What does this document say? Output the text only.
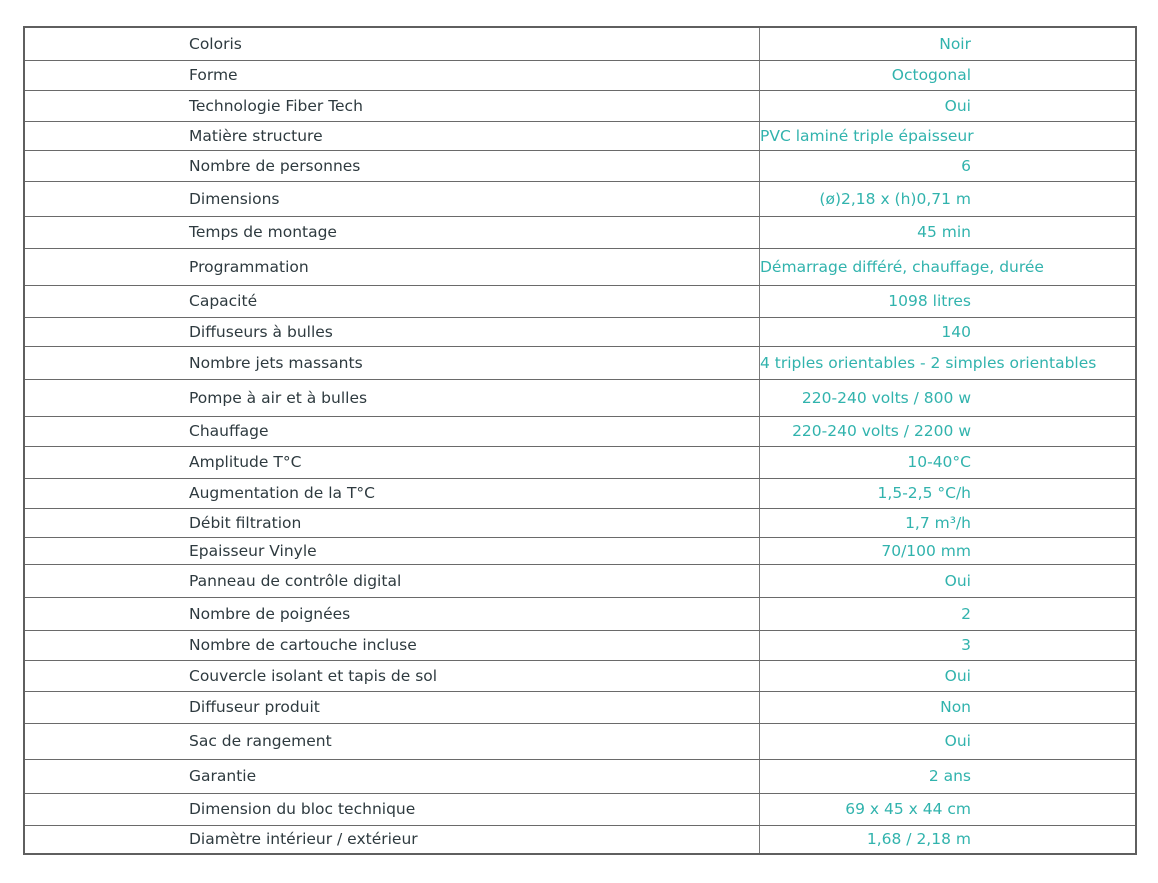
Coloris	Noir
Forme	Octogonal
Technologie Fiber Tech	Oui
Matière structure	PVC laminé triple épaisseur
Nombre de personnes	6
Dimensions	(ø)2,18 x (h)0,71 m
Temps de montage	45 min
Programmation	Démarrage différé, chauffage, durée
Capacité	1098 litres
Diffuseurs à bulles	140
Nombre jets massants	4 triples orientables - 2 simples orientables
Pompe à air et à bulles	220-240 volts / 800 w
Chauffage	220-240 volts / 2200 w
Amplitude T°C	10-40°C
Augmentation de la T°C	1,5-2,5 °C/h
Débit filtration	1,7 m³/h
Epaisseur Vinyle	70/100 mm
Panneau de contrôle digital	Oui
Nombre de poignées	2
Nombre de cartouche incluse	3
Couvercle isolant et tapis de sol	Oui
Diffuseur produit	Non
Sac de rangement	Oui
Garantie	2 ans
Dimension du bloc technique	69 x 45 x 44 cm
Diamètre intérieur / extérieur	1,68 / 2,18 m
